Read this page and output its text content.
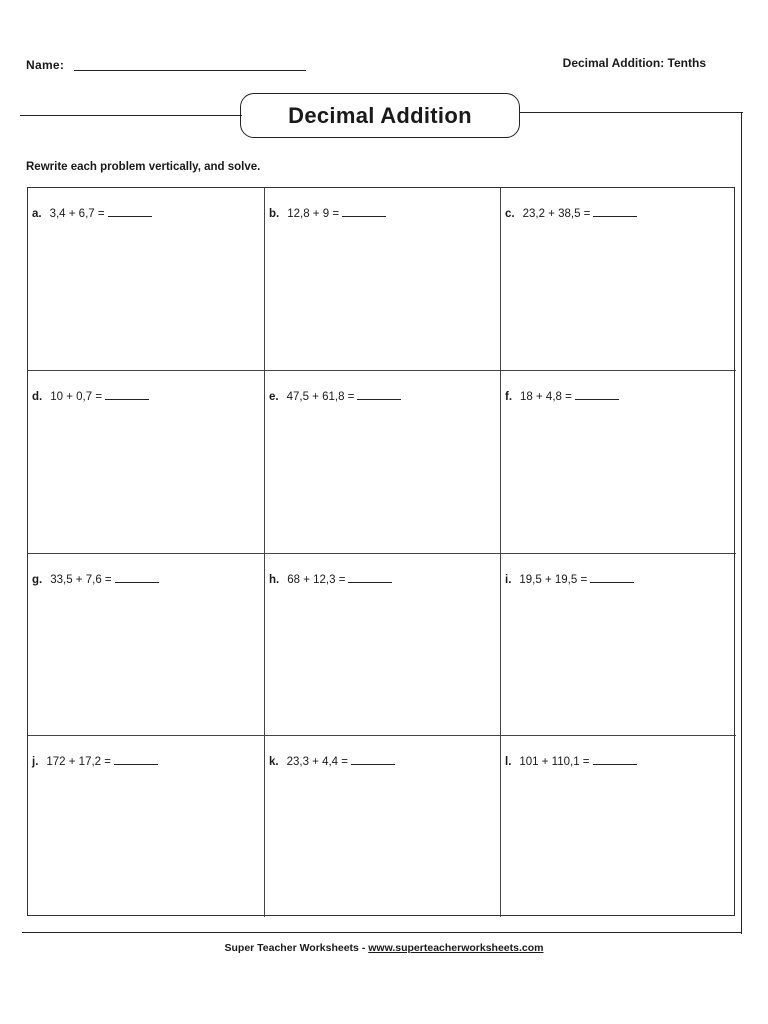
Name:	Decimal Addition: Tenths
Decimal Addition
Rewrite each problem vertically, and solve.
a. 3,4 + 6,7 =	b. 12,8 + 9 =	c. 23,2 + 38,5 =
d. 10 + 0,7 =	e. 47,5 + 61,8 =	f. 18 + 4,8 =
g. 33,5 + 7,6 =	h. 68 + 12,3 =	i. 19,5 + 19,5 =
j. 172 + 17,2 =	k. 23,3 + 4,4 =	l. 101 + 110,1 =
Super Teacher Worksheets - www.superteacherworksheets.com
